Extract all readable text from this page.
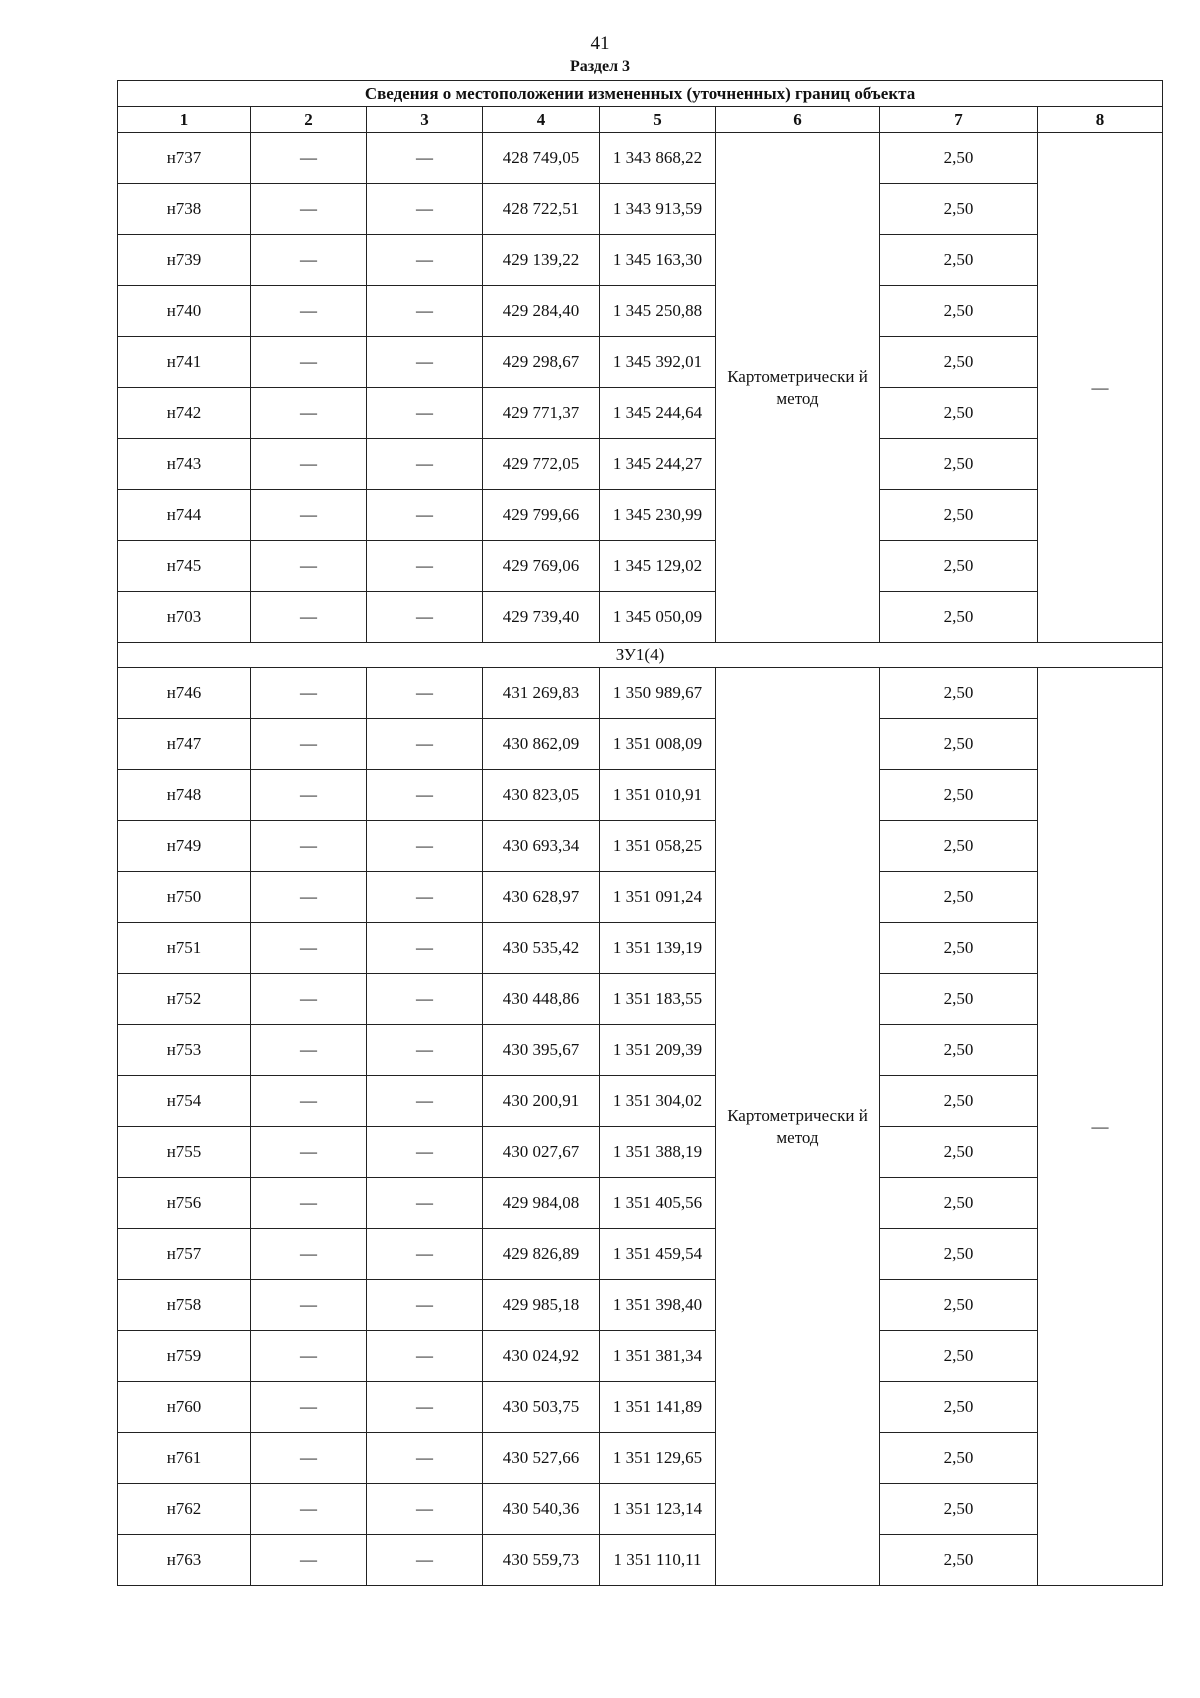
41
Раздел 3
Сведения о местоположении измененных (уточненных) границ объекта							
1	2	3	4	5	6	7	8
н737	—	—	428 749,05	1 343 868,22	Картометрически й метод	2,50	—
н738	—	—	428 722,51	1 343 913,59		2,50	
н739	—	—	429 139,22	1 345 163,30		2,50	
н740	—	—	429 284,40	1 345 250,88		2,50	
н741	—	—	429 298,67	1 345 392,01		2,50	
н742	—	—	429 771,37	1 345 244,64		2,50	
н743	—	—	429 772,05	1 345 244,27		2,50	
н744	—	—	429 799,66	1 345 230,99		2,50	
н745	—	—	429 769,06	1 345 129,02		2,50	
н703	—	—	429 739,40	1 345 050,09		2,50	
ЗУ1(4)							
н746	—	—	431 269,83	1 350 989,67	Картометрически й метод	2,50	—
н747	—	—	430 862,09	1 351 008,09		2,50	
н748	—	—	430 823,05	1 351 010,91		2,50	
н749	—	—	430 693,34	1 351 058,25		2,50	
н750	—	—	430 628,97	1 351 091,24		2,50	
н751	—	—	430 535,42	1 351 139,19		2,50	
н752	—	—	430 448,86	1 351 183,55		2,50	
н753	—	—	430 395,67	1 351 209,39		2,50	
н754	—	—	430 200,91	1 351 304,02		2,50	
н755	—	—	430 027,67	1 351 388,19		2,50	
н756	—	—	429 984,08	1 351 405,56		2,50	
н757	—	—	429 826,89	1 351 459,54		2,50	
н758	—	—	429 985,18	1 351 398,40		2,50	
н759	—	—	430 024,92	1 351 381,34		2,50	
н760	—	—	430 503,75	1 351 141,89		2,50	
н761	—	—	430 527,66	1 351 129,65		2,50	
н762	—	—	430 540,36	1 351 123,14		2,50	
н763	—	—	430 559,73	1 351 110,11		2,50	
